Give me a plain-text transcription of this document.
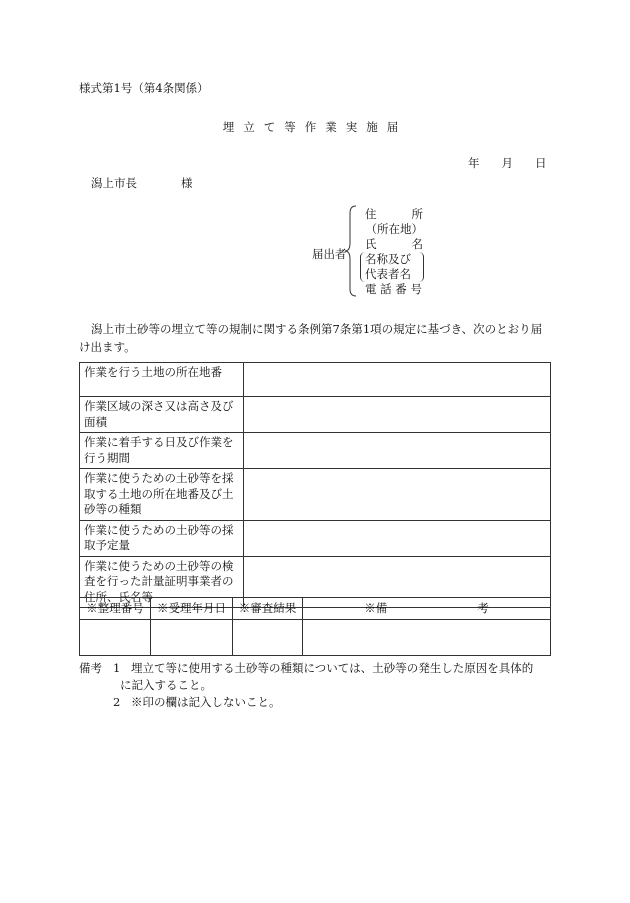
様式第1号（第4条関係）
埋立て等作業実施届
年 月 日
潟上市長	様
届出者
住	所
（所在地）
氏	名
名称及び
代表者名
電 話 番 号
潟上市土砂等の埋立て等の規制に関する条例第7条第1項の規定に基づき、次のとおり届け出ます。
作業を行う土地の所在地番	
作業区域の深さ又は高さ及び面積	
作業に着手する日及び作業を行う期間	
作業に使うための土砂等を採取する土地の所在地番及び土砂等の種類	
作業に使うための土砂等の採取予定量	
作業に使うための土砂等の検査を行った計量証明事業者の住所、氏名等	
※整理番号	※受理年月日	※審査結果	※備 考

備考 1 埋立て等に使用する土砂等の種類については、土砂等の発生した原因を具体的
に記入すること。
2 ※印の欄は記入しないこと。
